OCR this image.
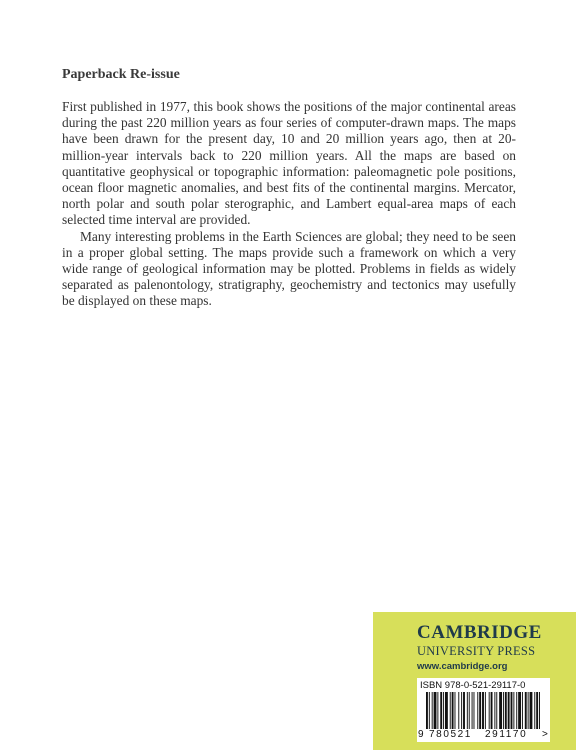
Paperback Re-issue

First published in 1977, this book shows the positions of the major continental areas during the past 220 million years as four series of computer-drawn maps. The maps have been drawn for the present day, 10 and 20 million years ago, then at 20-million-year intervals back to 220 million years. All the maps are based on quantitative geophysical or topographic information: paleomagnetic pole positions, ocean floor magnetic anomalies, and best fits of the continental margins. Mercator, north polar and south polar sterographic, and Lambert equal-area maps of each selected time interval are provided.

Many interesting problems in the Earth Sciences are global; they need to be seen in a proper global setting. The maps provide such a framework on which a very wide range of geological information may be plotted. Problems in fields as widely separated as palenontology, stratigraphy, geochemistry and tectonics may usefully be displayed on these maps.

CAMBRIDGE
UNIVERSITY PRESS
www.cambridge.org
ISBN 978-0-521-29117-0
9 780521 291170 >
